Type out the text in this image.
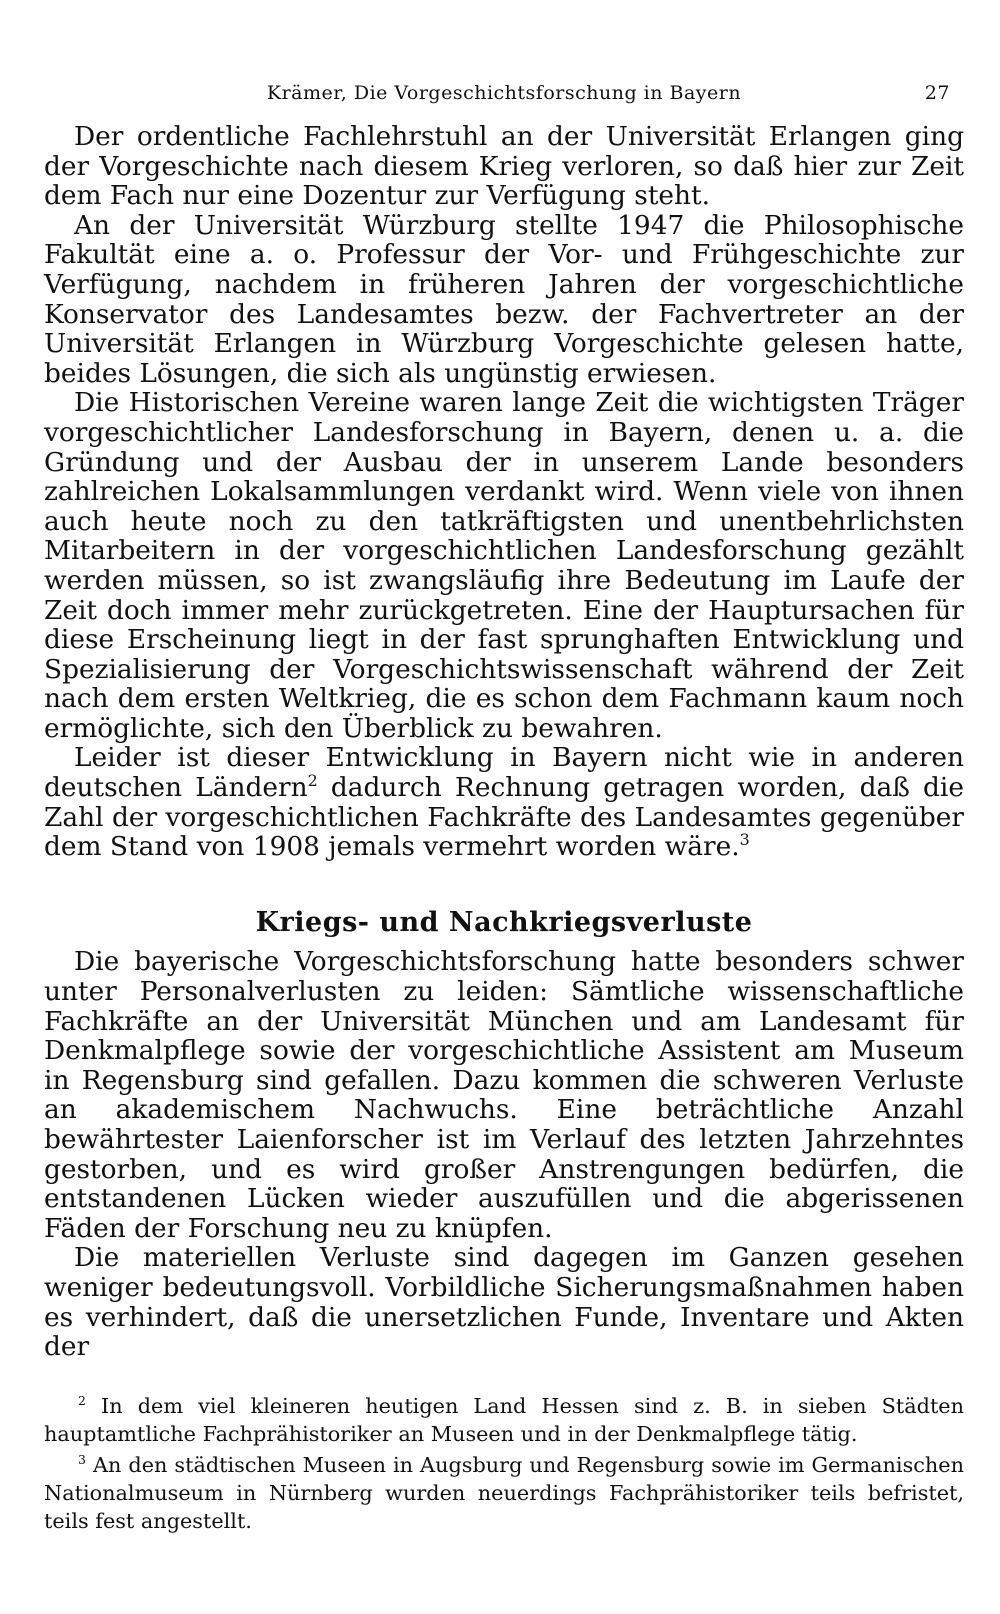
Krämer, Die Vorgeschichtsforschung in Bayern	27

Der ordentliche Fachlehrstuhl an der Universität Erlangen ging der Vorgeschichte nach diesem Krieg verloren, so daß hier zur Zeit dem Fach nur eine Dozentur zur Verfügung steht.

An der Universität Würzburg stellte 1947 die Philosophische Fakultät eine a. o. Professur der Vor- und Frühgeschichte zur Verfügung, nachdem in früheren Jahren der vorgeschichtliche Konservator des Landesamtes bezw. der Fachvertreter an der Universität Erlangen in Würzburg Vorgeschichte gelesen hatte, beides Lösungen, die sich als ungünstig erwiesen.

Die Historischen Vereine waren lange Zeit die wichtigsten Träger vorgeschichtlicher Landesforschung in Bayern, denen u. a. die Gründung und der Ausbau der in unserem Lande besonders zahlreichen Lokalsammlungen verdankt wird. Wenn viele von ihnen auch heute noch zu den tatkräftigsten und unentbehrlichsten Mitarbeitern in der vorgeschichtlichen Landesforschung gezählt werden müssen, so ist zwangsläufig ihre Bedeutung im Laufe der Zeit doch immer mehr zurückgetreten. Eine der Hauptursachen für diese Erscheinung liegt in der fast sprunghaften Entwicklung und Spezialisierung der Vorgeschichtswissenschaft während der Zeit nach dem ersten Weltkrieg, die es schon dem Fachmann kaum noch ermöglichte, sich den Überblick zu bewahren.

Leider ist dieser Entwicklung in Bayern nicht wie in anderen deutschen Ländern$^2$ dadurch Rechnung getragen worden, daß die Zahl der vorgeschichtlichen Fachkräfte des Landesamtes gegenüber dem Stand von 1908 jemals vermehrt worden wäre.$^3$

Kriegs- und Nachkriegsverluste

Die bayerische Vorgeschichtsforschung hatte besonders schwer unter Personalverlusten zu leiden: Sämtliche wissenschaftliche Fachkräfte an der Universität München und am Landesamt für Denkmalpflege sowie der vorgeschichtliche Assistent am Museum in Regensburg sind gefallen. Dazu kommen die schweren Verluste an akademischem Nachwuchs. Eine beträchtliche Anzahl bewährtester Laienforscher ist im Verlauf des letzten Jahrzehntes gestorben, und es wird großer Anstrengungen bedürfen, die entstandenen Lücken wieder auszufüllen und die abgerissenen Fäden der Forschung neu zu knüpfen.

Die materiellen Verluste sind dagegen im Ganzen gesehen weniger bedeutungsvoll. Vorbildliche Sicherungsmaßnahmen haben es verhindert, daß die unersetzlichen Funde, Inventare und Akten der

$^2$ In dem viel kleineren heutigen Land Hessen sind z. B. in sieben Städten hauptamtliche Fachprähistoriker an Museen und in der Denkmalpflege tätig.

$^3$ An den städtischen Museen in Augsburg und Regensburg sowie im Germanischen Nationalmuseum in Nürnberg wurden neuerdings Fachprähistoriker teils befristet, teils fest angestellt.
